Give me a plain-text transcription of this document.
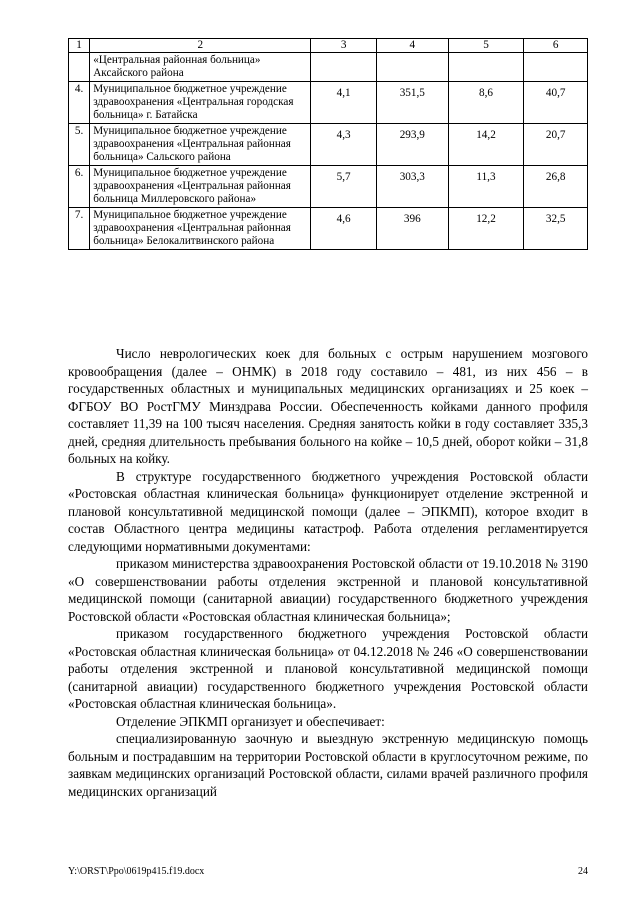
1	2	3	4	5	6
	«Центральная районная больница» Аксайского района				
4.	Муниципальное бюджетное учреждение здравоохранения «Центральная городская больница» г. Батайска	4,1	351,5	8,6	40,7
5.	Муниципальное бюджетное учреждение здравоохранения «Центральная районная больница» Сальского района	4,3	293,9	14,2	20,7
6.	Муниципальное бюджетное учреждение здравоохранения «Центральная районная больница Миллеровского района»	5,7	303,3	11,3	26,8
7.	Муниципальное бюджетное учреждение здравоохранения «Центральная районная больница» Белокалитвинского района	4,6	396	12,2	32,5

Число неврологических коек для больных с острым нарушением мозгового кровообращения (далее – ОНМК) в 2018 году составило – 481, из них 456 – в государственных областных и муниципальных медицинских организациях и 25 коек – ФГБОУ ВО РостГМУ Минздрава России. Обеспеченность койками данного профиля составляет 11,39 на 100 тысяч населения. Средняя занятость койки в году составляет 335,3 дней, средняя длительность пребывания больного на койке – 10,5 дней, оборот койки – 31,8 больных на койку.

В структуре государственного бюджетного учреждения Ростовской области «Ростовская областная клиническая больница» функционирует отделение экстренной и плановой консультативной медицинской помощи (далее – ЭПКМП), которое входит в состав Областного центра медицины катастроф. Работа отделения регламентируется следующими нормативными документами:

приказом министерства здравоохранения Ростовской области от 19.10.2018 № 3190 «О совершенствовании работы отделения экстренной и плановой консультативной медицинской помощи (санитарной авиации) государственного бюджетного учреждения Ростовской области «Ростовская областная клиническая больница»;

приказом государственного бюджетного учреждения Ростовской области «Ростовская областная клиническая больница» от 04.12.2018 № 246 «О совершенствовании работы отделения экстренной и плановой консультативной медицинской помощи (санитарной авиации) государственного бюджетного учреждения Ростовской области «Ростовская областная клиническая больница».

Отделение ЭПКМП организует и обеспечивает:

специализированную заочную и выездную экстренную медицинскую помощь больным и пострадавшим на территории Ростовской области в круглосуточном режиме, по заявкам медицинских организаций Ростовской области, силами врачей различного профиля медицинских организаций

Y:\ORST\Ppo\0619p415.f19.docx	24
